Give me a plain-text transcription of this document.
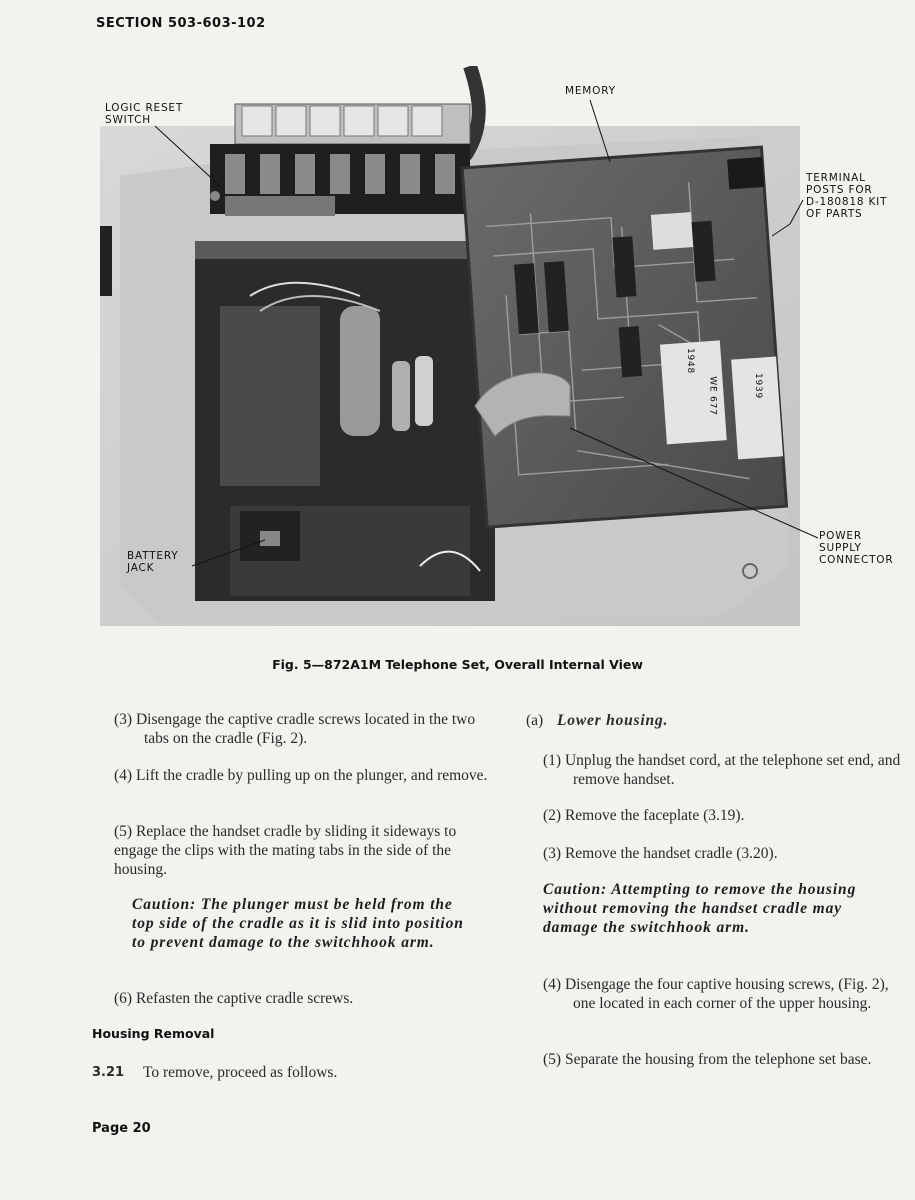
SECTION 503-603-102
1948
1939
WE 677
LOGIC RESET
SWITCH
MEMORY
TERMINAL
POSTS FOR
D-180818 KIT
OF PARTS
BATTERY
JACK
POWER
SUPPLY
CONNECTOR
Fig. 5—872A1M Telephone Set, Overall Internal View
(3) Disengage the captive cradle screws located in the two tabs on the cradle (Fig. 2).
(4) Lift the cradle by pulling up on the plunger, and remove.
(5) Replace the handset cradle by sliding it sideways to engage the clips with the mating tabs in the side of the housing.
Caution: The plunger must be held from the top side of the cradle as it is slid into position to prevent damage to the switchhook arm.
(6) Refasten the captive cradle screws.
Housing Removal
3.21 To remove, proceed as follows.
(a) Lower housing.
(1) Unplug the handset cord, at the telephone set end, and remove handset.
(2) Remove the faceplate (3.19).
(3) Remove the handset cradle (3.20).
Caution: Attempting to remove the housing without removing the handset cradle may damage the switchhook arm.
(4) Disengage the four captive housing screws, (Fig. 2), one located in each corner of the upper housing.
(5) Separate the housing from the telephone set base.
Page 20
